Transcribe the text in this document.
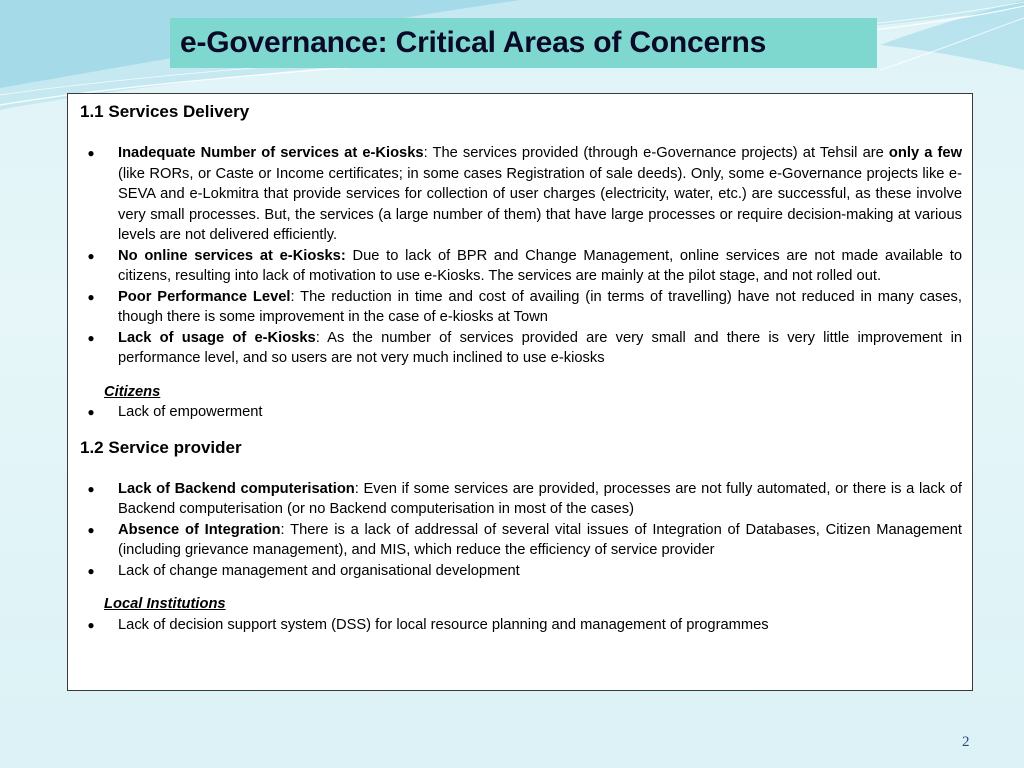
e-Governance: Critical Areas of Concerns
1.1 Services Delivery
● Inadequate Number of services at e-Kiosks: The services provided (through e-Governance projects) at Tehsil are only a few (like RORs, or Caste or Income certificates; in some cases Registration of sale deeds). Only, some e-Governance projects like e-SEVA and e-Lokmitra that provide services for collection of user charges (electricity, water, etc.) are successful, as these involve very small processes. But, the services (a large number of them) that have large processes or require decision-making at various levels are not delivered efficiently.
● No online services at e-Kiosks: Due to lack of BPR and Change Management, online services are not made available to citizens, resulting into lack of motivation to use e-Kiosks. The services are mainly at the pilot stage, and not rolled out.
● Poor Performance Level: The reduction in time and cost of availing (in terms of travelling) have not reduced in many cases, though there is some improvement in the case of e-kiosks at Town
● Lack of usage of e-Kiosks: As the number of services provided are very small and there is very little improvement in performance level, and so users are not very much inclined to use e-kiosks
Citizens
● Lack of empowerment
1.2 Service provider
● Lack of Backend computerisation: Even if some services are provided, processes are not fully automated, or there is a lack of Backend computerisation (or no Backend computerisation in most of the cases)
● Absence of Integration: There is a lack of addressal of several vital issues of Integration of Databases, Citizen Management (including grievance management), and MIS, which reduce the efficiency of service provider
● Lack of change management and organisational development
Local Institutions
● Lack of decision support system (DSS) for local resource planning and management of programmes
2
